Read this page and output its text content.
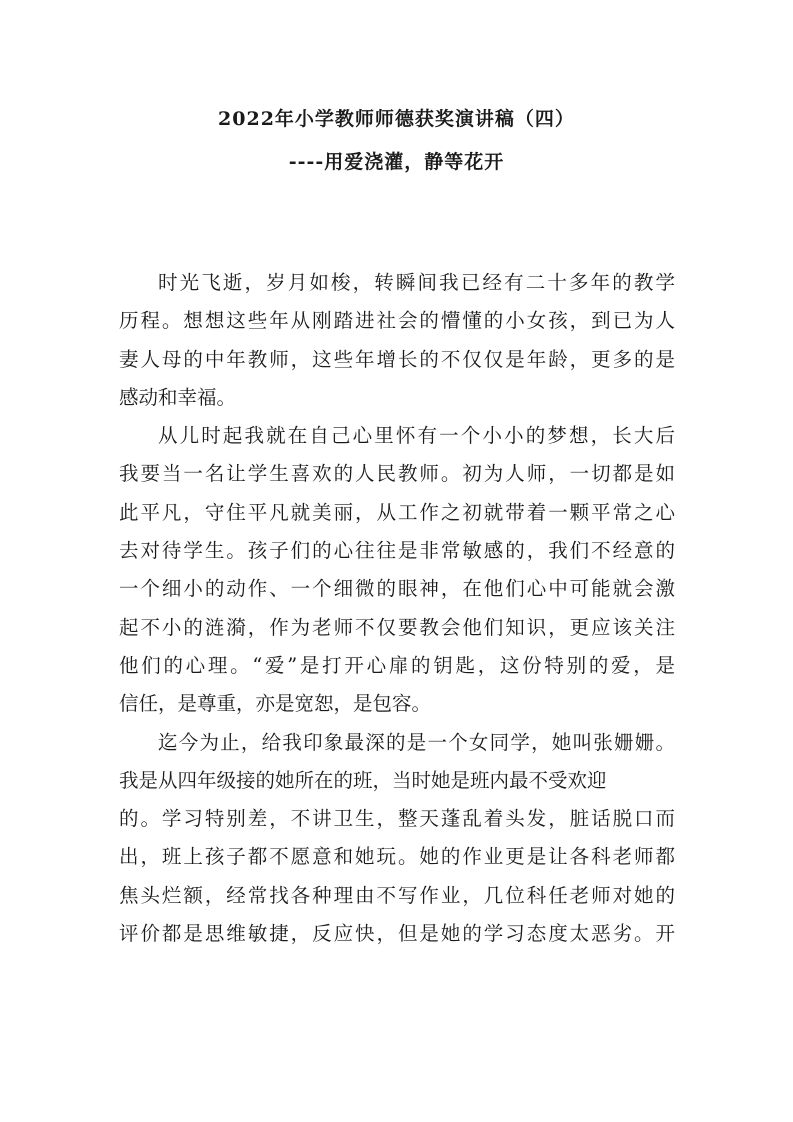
2022年小学教师师德获奖演讲稿（四）
----用爱浇灌，静等花开
时光飞逝，岁月如梭，转瞬间我已经有二十多年的教学
历程。想想这些年从刚踏进社会的懵懂的小女孩，到已为人
妻人母的中年教师，这些年增长的不仅仅是年龄，更多的是
感动和幸福。
从儿时起我就在自己心里怀有一个小小的梦想，长大后
我要当一名让学生喜欢的人民教师。初为人师，一切都是如
此平凡，守住平凡就美丽，从工作之初就带着一颗平常之心
去对待学生。孩子们的心往往是非常敏感的，我们不经意的
一个细小的动作、一个细微的眼神，在他们心中可能就会激
起不小的涟漪，作为老师不仅要教会他们知识，更应该关注
他们的心理。“爱”是打开心扉的钥匙，这份特别的爱，是
信任，是尊重，亦是宽恕，是包容。
迄今为止，给我印象最深的是一个女同学，她叫张姗姗。
我是从四年级接的她所在的班，当时她是班内最不受欢迎
的。学习特别差，不讲卫生，整天蓬乱着头发，脏话脱口而
出，班上孩子都不愿意和她玩。她的作业更是让各科老师都
焦头烂额，经常找各种理由不写作业，几位科任老师对她的
评价都是思维敏捷，反应快，但是她的学习态度太恶劣。开
